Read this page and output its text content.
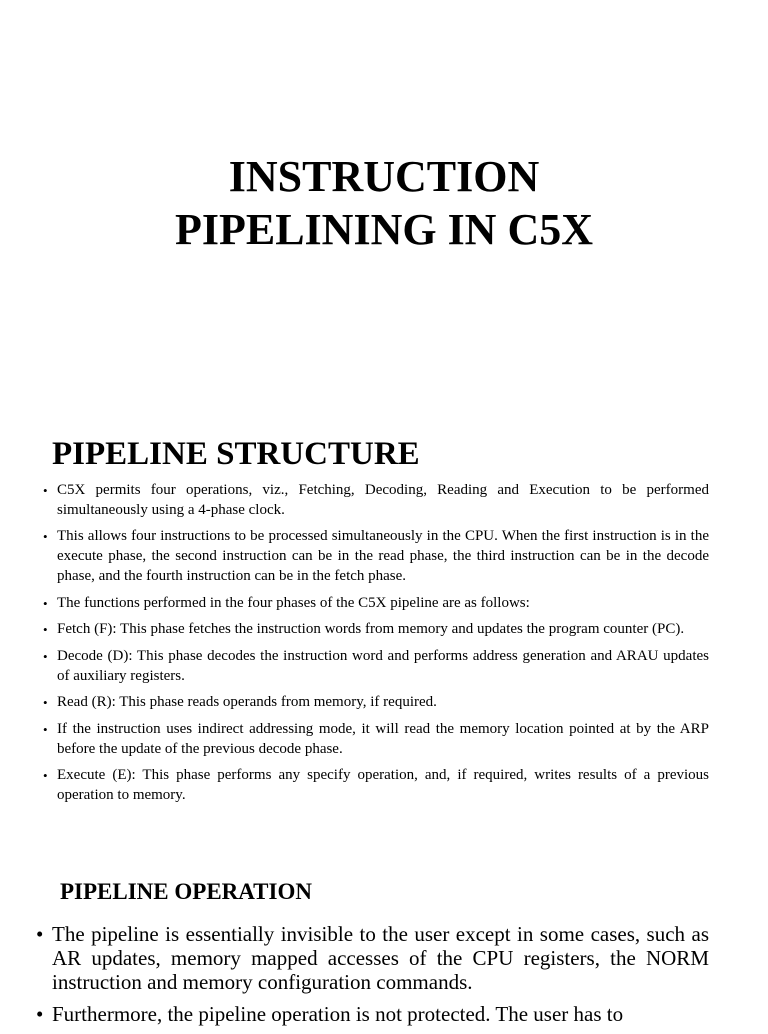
INSTRUCTION
PIPELINING IN C5X
PIPELINE STRUCTURE
• C5X permits four operations, viz., Fetching, Decoding, Reading and Execution to be performed simultaneously using a 4-phase clock.
• This allows four instructions to be processed simultaneously in the CPU. When the first instruction is in the execute phase, the second instruction can be in the read phase, the third instruction can be in the decode phase, and the fourth instruction can be in the fetch phase.
• The functions performed in the four phases of the C5X pipeline are as follows:
• Fetch (F): This phase fetches the instruction words from memory and updates the program counter (PC).
• Decode (D): This phase decodes the instruction word and performs address generation and ARAU updates of auxiliary registers.
• Read (R): This phase reads operands from memory, if required.
• If the instruction uses indirect addressing mode, it will read the memory location pointed at by the ARP before the update of the previous decode phase.
• Execute (E): This phase performs any specify operation, and, if required, writes results of a previous operation to memory.
PIPELINE OPERATION
• The pipeline is essentially invisible to the user except in some cases, such as AR updates, memory mapped accesses of the CPU registers, the NORM instruction and memory configuration commands.
• Furthermore, the pipeline operation is not protected. The user has to
